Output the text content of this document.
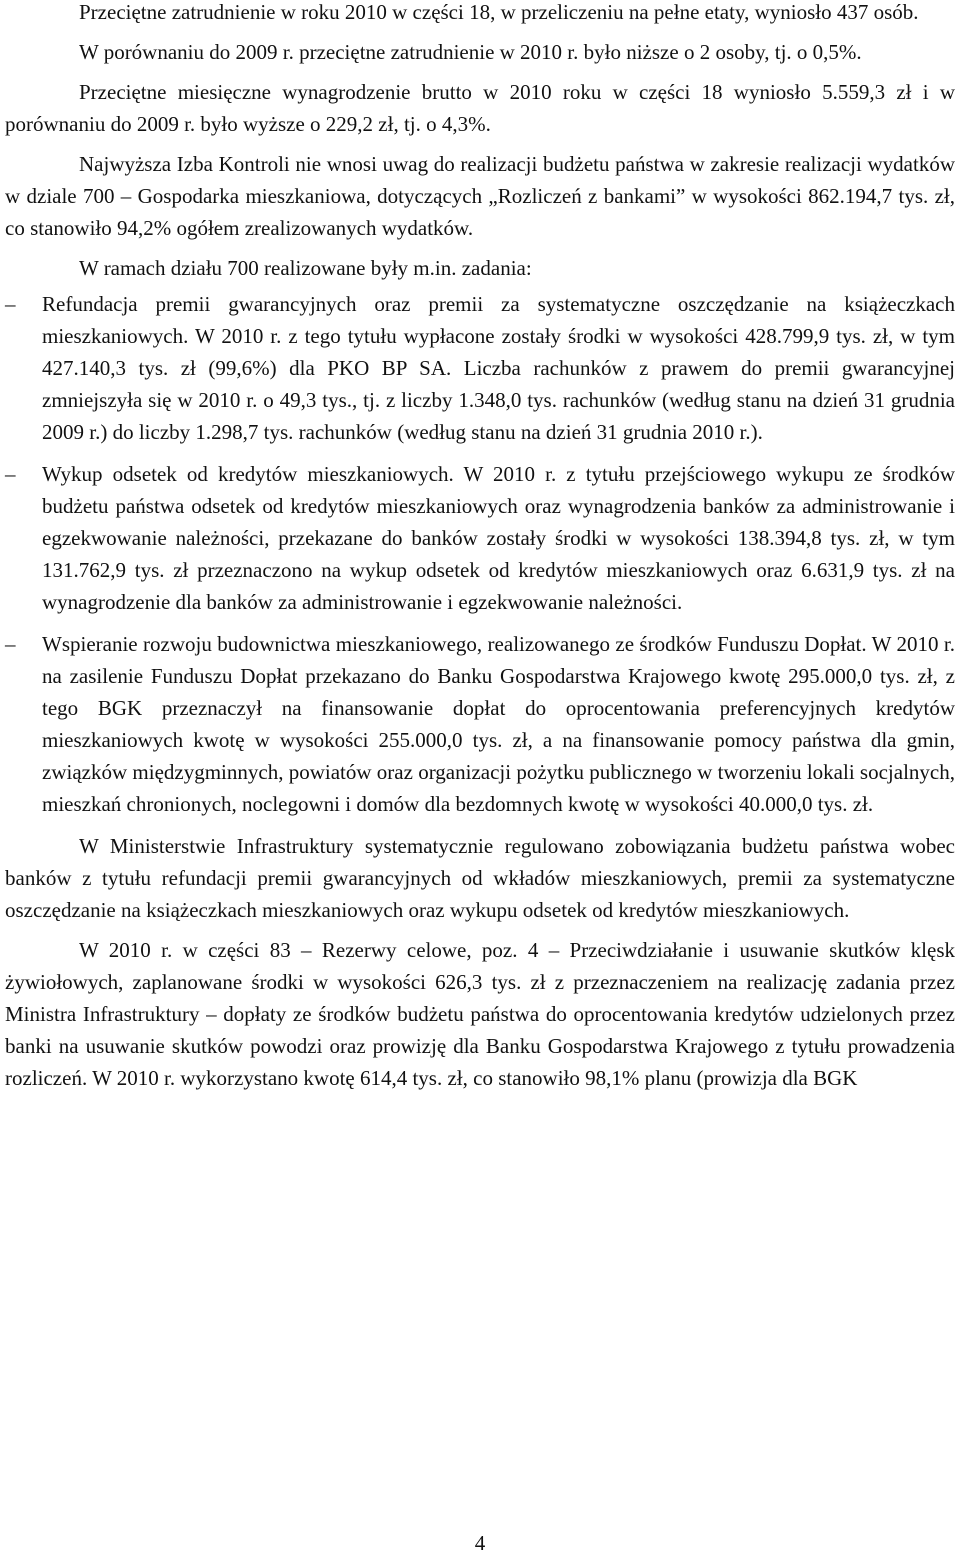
Przeciętne zatrudnienie w roku 2010 w części 18, w przeliczeniu na pełne etaty, wyniosło 437 osób.

W porównaniu do 2009 r. przeciętne zatrudnienie w 2010 r. było niższe o 2 osoby, tj. o 0,5%.

Przeciętne miesięczne wynagrodzenie brutto w 2010 roku w części 18 wyniosło 5.559,3 zł i w porównaniu do 2009 r. było wyższe o 229,2 zł, tj. o 4,3%.

Najwyższa Izba Kontroli nie wnosi uwag do realizacji budżetu państwa w zakresie realizacji wydatków w dziale 700 – Gospodarka mieszkaniowa, dotyczących „Rozliczeń z bankami” w wysokości 862.194,7 tys. zł, co stanowiło 94,2% ogółem zrealizowanych wydatków.

W ramach działu 700 realizowane były m.in. zadania:

–	Refundacja premii gwarancyjnych oraz premii za systematyczne oszczędzanie na książeczkach mieszkaniowych. W 2010 r. z tego tytułu wypłacone zostały środki w wysokości 428.799,9 tys. zł, w tym 427.140,3 tys. zł (99,6%) dla PKO BP SA. Liczba rachunków z prawem do premii gwarancyjnej zmniejszyła się w 2010 r. o 49,3 tys., tj. z liczby 1.348,0 tys. rachunków (według stanu na dzień 31 grudnia 2009 r.) do liczby 1.298,7 tys. rachunków (według stanu na dzień 31 grudnia 2010 r.).
–	Wykup odsetek od kredytów mieszkaniowych. W 2010 r. z tytułu przejściowego wykupu ze środków budżetu państwa odsetek od kredytów mieszkaniowych oraz wynagrodzenia banków za administrowanie i egzekwowanie należności, przekazane do banków zostały środki w wysokości 138.394,8 tys. zł, w tym 131.762,9 tys. zł przeznaczono na wykup odsetek od kredytów mieszkaniowych oraz 6.631,9 tys. zł na wynagrodzenie dla banków za administrowanie i egzekwowanie należności.
–	Wspieranie rozwoju budownictwa mieszkaniowego, realizowanego ze środków Funduszu Dopłat. W 2010 r. na zasilenie Funduszu Dopłat przekazano do Banku Gospodarstwa Krajowego kwotę 295.000,0 tys. zł, z tego BGK przeznaczył na finansowanie dopłat do oprocentowania preferencyjnych kredytów mieszkaniowych kwotę w wysokości 255.000,0 tys. zł, a na finansowanie pomocy państwa dla gmin, związków międzygminnych, powiatów oraz organizacji pożytku publicznego w tworzeniu lokali socjalnych, mieszkań chronionych, noclegowni i domów dla bezdomnych kwotę w wysokości 40.000,0 tys. zł.

W Ministerstwie Infrastruktury systematycznie regulowano zobowiązania budżetu państwa wobec banków z tytułu refundacji premii gwarancyjnych od wkładów mieszkaniowych, premii za systematyczne oszczędzanie na książeczkach mieszkaniowych oraz wykupu odsetek od kredytów mieszkaniowych.

W 2010 r. w części 83 – Rezerwy celowe, poz. 4 – Przeciwdziałanie i usuwanie skutków klęsk żywiołowych, zaplanowane środki w wysokości 626,3 tys. zł z przeznaczeniem na realizację zadania przez Ministra Infrastruktury – dopłaty ze środków budżetu państwa do oprocentowania kredytów udzielonych przez banki na usuwanie skutków powodzi oraz prowizję dla Banku Gospodarstwa Krajowego z tytułu prowadzenia rozliczeń. W 2010 r. wykorzystano kwotę 614,4 tys. zł, co stanowiło 98,1% planu (prowizja dla BGK

4
